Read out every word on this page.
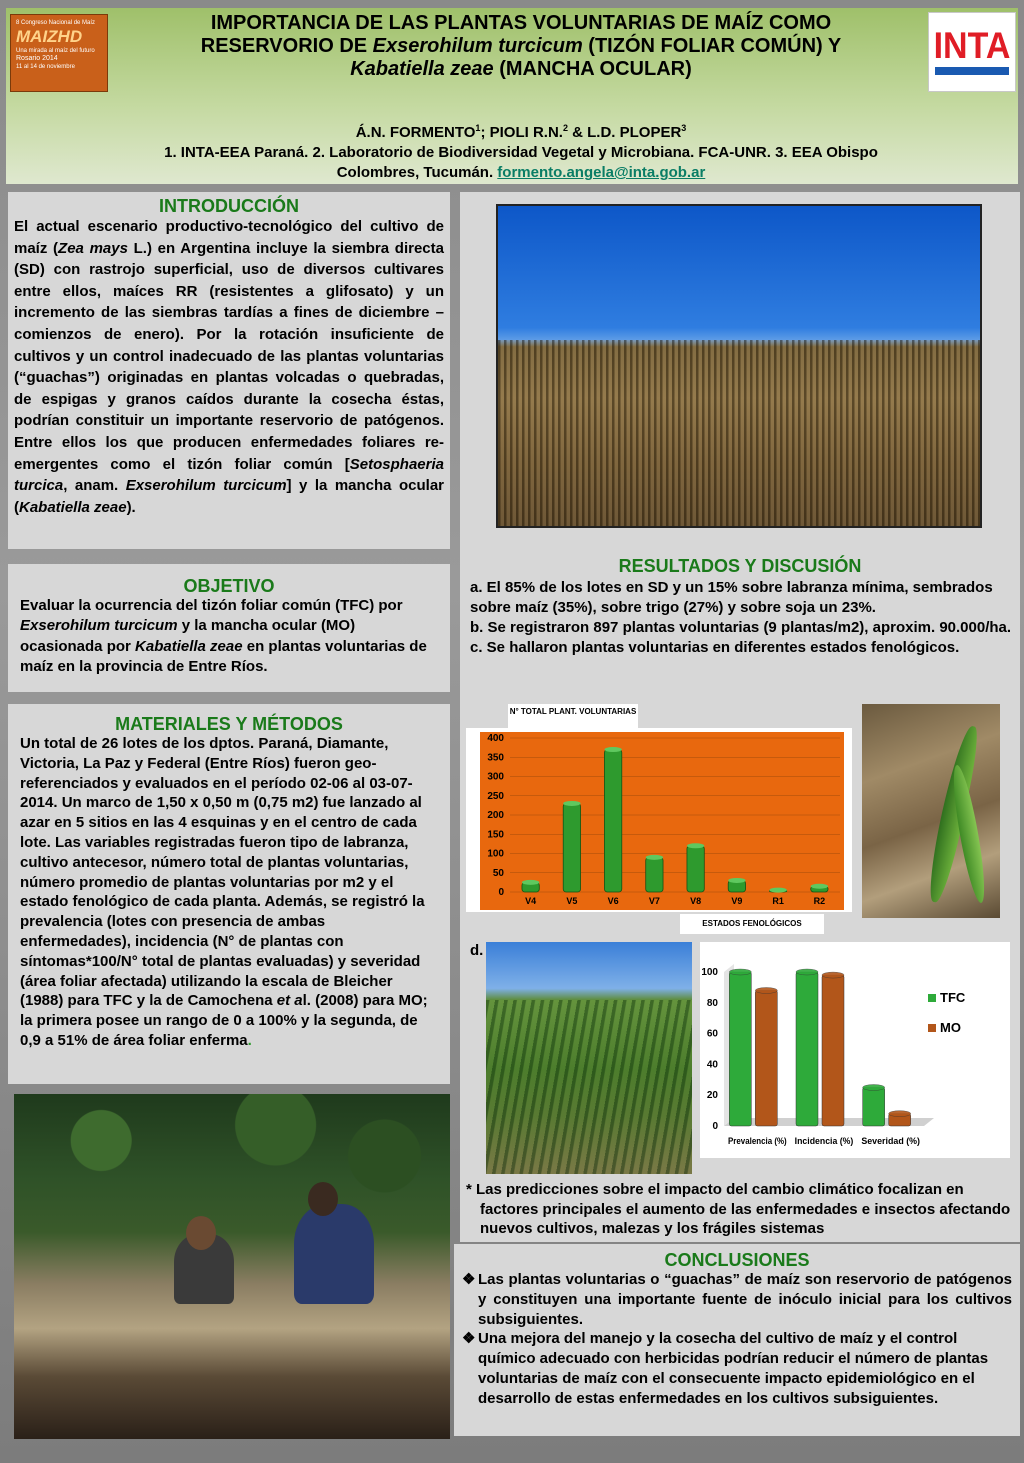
8 Congreso Nacional de Maíz
MAIZHD
Una mirada al maíz del futuro
Rosario 2014
11 al 14 de noviembre
INTA
IMPORTANCIA DE LAS PLANTAS VOLUNTARIAS DE MAÍZ COMO
RESERVORIO DE Exserohilum turcicum (TIZÓN FOLIAR COMÚN) Y
Kabatiella zeae (MANCHA OCULAR)
Á.N. FORMENTO$^1$; PIOLI R.N.$^2$ & L.D. PLOPER$^3$
1. INTA-EEA Paraná. 2. Laboratorio de Biodiversidad Vegetal y Microbiana. FCA-UNR. 3. EEA Obispo
Colombres, Tucumán. formento.angela@inta.gob.ar
INTRODUCCIÓN
El actual escenario productivo-tecnológico del cultivo de maíz (Zea mays L.) en Argentina incluye la siembra directa (SD) con rastrojo superficial, uso de diversos cultivares entre ellos, maíces RR (resistentes a glifosato) y un incremento de las siembras tardías a fines de diciembre – comienzos de enero). Por la rotación insuficiente de cultivos y un control inadecuado de las plantas voluntarias (“guachas”) originadas en plantas volcadas o quebradas, de espigas y granos caídos durante la cosecha éstas, podrían constituir un importante reservorio de patógenos. Entre ellos los que producen enfermedades foliares re-emergentes como el tizón foliar común [Setosphaeria turcica, anam. Exserohilum turcicum] y la mancha ocular (Kabatiella zeae).
OBJETIVO
Evaluar la ocurrencia del tizón foliar común (TFC) por Exserohilum turcicum y la mancha ocular (MO) ocasionada por Kabatiella zeae en plantas voluntarias de maíz en la provincia de Entre Ríos.
MATERIALES Y MÉTODOS
Un total de 26 lotes de los dptos. Paraná, Diamante, Victoria, La Paz y Federal (Entre Ríos) fueron geo-referenciados y evaluados en el período 02-06 al 03-07-2014. Un marco de 1,50 x 0,50 m (0,75 m2) fue lanzado al azar en 5 sitios en las 4 esquinas y en el centro de cada lote. Las variables registradas fueron tipo de labranza, cultivo antecesor, número total de plantas voluntarias, número promedio de plantas voluntarias por m2 y el estado fenológico de cada planta. Además, se registró la prevalencia (lotes con presencia de ambas enfermedades), incidencia (N° de plantas con síntomas*100/N° total de plantas evaluadas) y severidad (área foliar afectada) utilizando la escala de Bleicher (1988) para TFC y la de Camochena et al. (2008) para MO; la primera posee un rango de 0 a 100% y la segunda, de 0,9 a 51% de área foliar enferma.
RESULTADOS Y DISCUSIÓN
a. El 85% de los lotes en SD y un 15% sobre labranza mínima, sembrados sobre maíz (35%), sobre trigo (27%) y sobre soja un 23%.
b. Se registraron 897 plantas voluntarias (9 plantas/m2), aproxim. 90.000/ha.
c. Se hallaron plantas voluntarias en diferentes estados fenológicos.
N° TOTAL PLANT. VOLUNTARIAS
0
50
100
150
200
250
300
350
400
V4	V5	V6	V7	V8	V9	R1	R2
ESTADOS FENOLÓGICOS
d.
0
20
40
60
80
100
Prevalencia (%) Incidencia (%) Severidad (%)
TFC
MO
* Las predicciones sobre el impacto del cambio climático focalizan en factores principales el aumento de las enfermedades e insectos afectando nuevos cultivos, malezas y los frágiles sistemas
CONCLUSIONES
❖ Las plantas voluntarias o “guachas” de maíz son reservorio de patógenos y constituyen una importante fuente de inóculo inicial para los cultivos subsiguientes.
❖ Una mejora del manejo y la cosecha del cultivo de maíz y el control químico adecuado con herbicidas podrían reducir el número de plantas voluntarias de maíz con el consecuente impacto epidemiológico en el desarrollo de estas enfermedades en los cultivos subsiguientes.
